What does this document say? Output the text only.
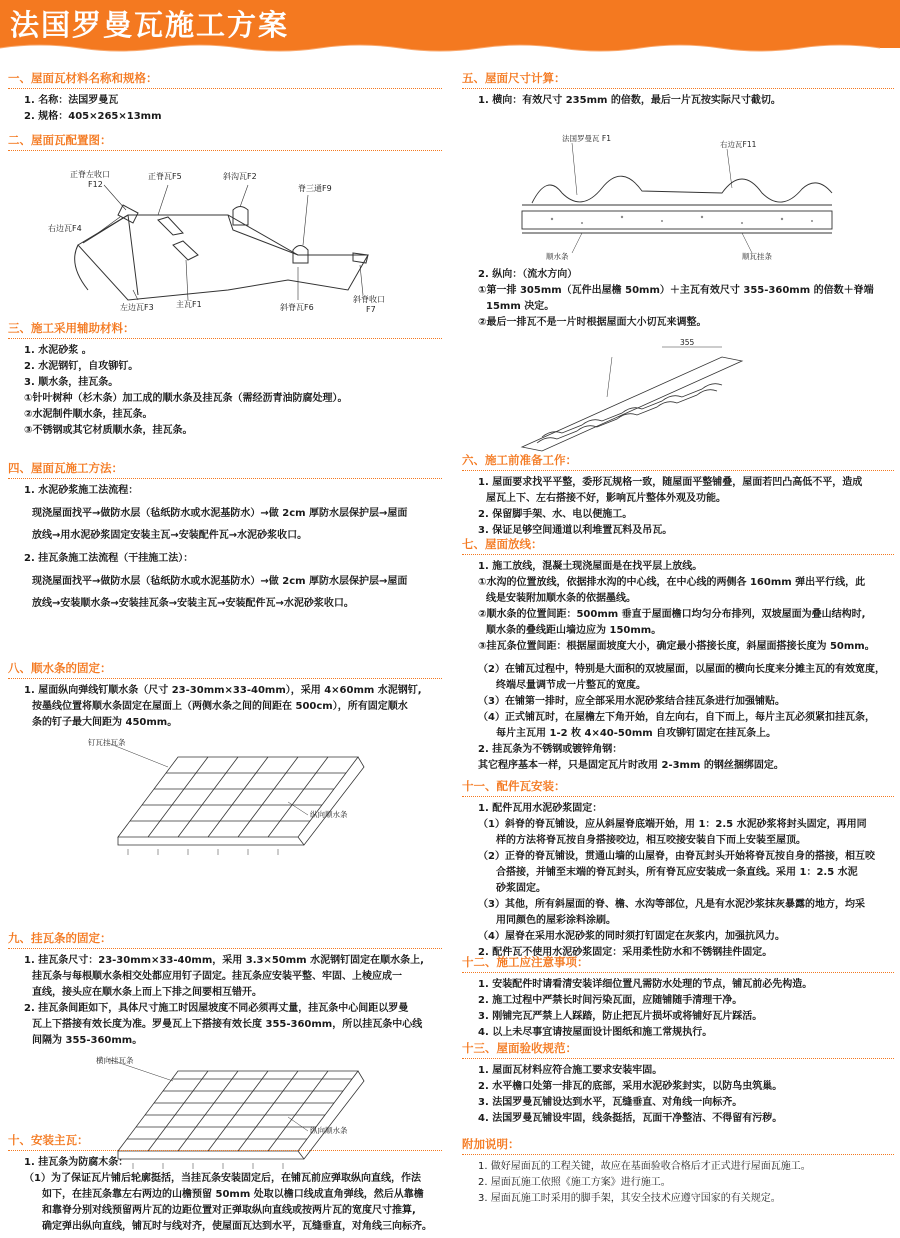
法国罗曼瓦施工方案
一、屋面瓦材料名称和规格：
1. 名称：法国罗曼瓦
2. 规格：405×265×13mm
二、屋面瓦配置图：
正脊左收口
F12
正脊瓦F5	斜沟瓦F2
脊三通F9
右边瓦F4
左边瓦F3	主瓦F1	斜脊瓦F6
斜脊收口
F7
三、施工采用辅助材料：
1. 水泥砂浆 。
2. 水泥钢钉，自攻铆钉。
3. 顺水条，挂瓦条。
①针叶树种（杉木条）加工成的顺水条及挂瓦条（需经沥青油防腐处理）。
②水泥制件顺水条，挂瓦条。
③不锈钢或其它材质顺水条，挂瓦条。
四、屋面瓦施工方法：
1. 水泥砂浆施工法流程：
现浇屋面找平→做防水层（毡纸防水或水泥基防水）→做 2cm 厚防水层保护层→屋面
放线→用水泥砂浆固定安装主瓦→安装配件瓦→水泥砂浆收口。
2. 挂瓦条施工法流程（干挂施工法）：
现浇屋面找平→做防水层（毡纸防水或水泥基防水）→做 2cm 厚防水层保护层→屋面
放线→安装顺水条→安装挂瓦条→安装主瓦→安装配件瓦→水泥砂浆收口。
八、顺水条的固定：
1. 屋面纵向弹线钉顺水条（尺寸 23-30mm×33-40mm），采用 4×60mm 水泥钢钉,
按墨线位置将顺水条固定在屋面上（两侧水条之间的间距在 500cm），所有固定顺水
条的钉子最大间距为 450mm。
钉瓦挂瓦条
纵向顺水条
九、挂瓦条的固定：
1. 挂瓦条尺寸：23-30mm×33-40mm，采用 3.3×50mm 水泥钢钉固定在顺水条上,
挂瓦条与每根顺水条相交处都应用钉子固定。挂瓦条应安装平整、牢固、上棱应成一
直线，接头应在顺水条上而上下排之间要相互错开。
2. 挂瓦条间距如下，具体尺寸施工时因屋坡度不同必须再丈量，挂瓦条中心间距以罗曼
瓦上下搭接有效长度为准。罗曼瓦上下搭接有效长度 355-360mm，所以挂瓦条中心线
间隔为 355-360mm。
横向挂瓦条
纵向顺水条
十、安装主瓦：
1. 挂瓦条为防腐木条：
（1）为了保证瓦片铺后轮廓挺括，当挂瓦条安装固定后，在铺瓦前应弹取纵向直线，作法
如下，在挂瓦条靠左右两边的山檐预留 50mm 处取以檐口线成直角弹线，然后从靠檐
和靠脊分别对线预留两片瓦的边距位置对正弹取纵向直线或按两片瓦的宽度尺寸推算,
确定弹出纵向直线，铺瓦时与线对齐，使屋面瓦达到水平，瓦缝垂直，对角线三向标齐。
五、屋面尺寸计算：
1. 横向：有效尺寸 235mm 的倍数，最后一片瓦按实际尺寸截切。
法国罗曼瓦 F1
右边瓦F11
顺水条	顺瓦挂条
2. 纵向：（流水方向）
①第一排 305mm（瓦件出屋檐 50mm）＋主瓦有效尺寸 355-360mm 的倍数＋脊端
15mm 决定。
②最后一排瓦不是一片时根据屋面大小切瓦来调整。
355
六、施工前准备工作：
1. 屋面要求找平平整，委形瓦规格一致，随屋面平整铺叠，屋面若凹凸高低不平，造成
屋瓦上下、左右搭接不好，影响瓦片整体外观及功能。
2. 保留脚手架、水、电以便施工。
3. 保证足够空间通道以利堆置瓦料及吊瓦。
七、屋面放线：
1. 施工放线，混凝土现浇屋面是在找平层上放线。
①水沟的位置放线，依据排水沟的中心线，在中心线的两侧各 160mm 弹出平行线，此
线是安装附加顺水条的依据墨线。
②顺水条的位置间距：500mm 垂直于屋面檐口均匀分布排列，双坡屋面为叠山结构时,
顺水条的叠线距山墙边应为 150mm。
③挂瓦条位置间距：根据屋面坡度大小，确定最小搭接长度，斜屋面搭接长度为 50mm。
（2）在铺瓦过程中，特别是大面积的双坡屋面，以屋面的横向长度来分摊主瓦的有效宽度，
终端尽量调节成一片整瓦的宽度。
（3）在铺第一排时，应全部采用水泥砂浆结合挂瓦条进行加强铺贴。
（4）正式铺瓦时，在屋檐左下角开始，自左向右，自下而上，每片主瓦必须紧扣挂瓦条，
每片主瓦用 1-2 枚 4×40-50mm 自攻铆钉固定在挂瓦条上。
2. 挂瓦条为不锈钢或镀锌角钢：
其它程序基本一样，只是固定瓦片时改用 2-3mm 的钢丝捆绑固定。
十一、配件瓦安装：
1. 配件瓦用水泥砂浆固定：
（1）斜脊的脊瓦铺设，应从斜屋脊底端开始，用 1：2.5 水泥砂浆将封头固定，再用同
样的方法将脊瓦按自身搭接咬边，相互咬接安装自下而上安装至屋顶。
（2）正脊的脊瓦铺设，贯通山墙的山屋脊，由脊瓦封头开始将脊瓦按自身的搭接，相互咬
合搭接，并铺至末端的脊瓦封头，所有脊瓦应安装成一条直线。采用 1：2.5 水泥
砂浆固定。
（3）其他，所有斜屋面的脊、檐、水沟等部位，凡是有水泥沙浆抹灰暴露的地方，均采
用同颜色的屋彩涂料涂刷。
（4）屋脊在采用水泥砂浆的同时须打钉固定在灰浆内，加强抗风力。
2. 配件瓦不使用水泥砂浆固定：采用柔性防水和不锈钢挂件固定。
十二、施工应注意事项：
1. 安装配件时请看清安装详细位置凡需防水处理的节点，铺瓦前必先构造。
2. 施工过程中严禁长时间污染瓦面，应随铺随手清理干净。
3. 刚铺完瓦严禁上人踩踏，防止把瓦片损坏或将铺好瓦片踩活。
4. 以上未尽事宜请按屋面设计图纸和施工常规执行。
十三、屋面验收规范：
1. 屋面瓦材料应符合施工要求安装牢固。
2. 水平檐口处第一排瓦的底部，采用水泥砂浆封实，以防鸟虫筑巢。
3. 法国罗曼瓦铺设达到水平，瓦缝垂直、对角线一向标齐。
4. 法国罗曼瓦铺设牢固，线条挺括，瓦面干净整洁、不得留有污秽。
附加说明：
1. 做好屋面瓦的工程关键，故应在基面验收合格后才正式进行屋面瓦施工。
2. 屋面瓦施工依照《施工方案》进行施工。
3. 屋面瓦施工时采用的脚手架，其安全技术应遵守国家的有关规定。
